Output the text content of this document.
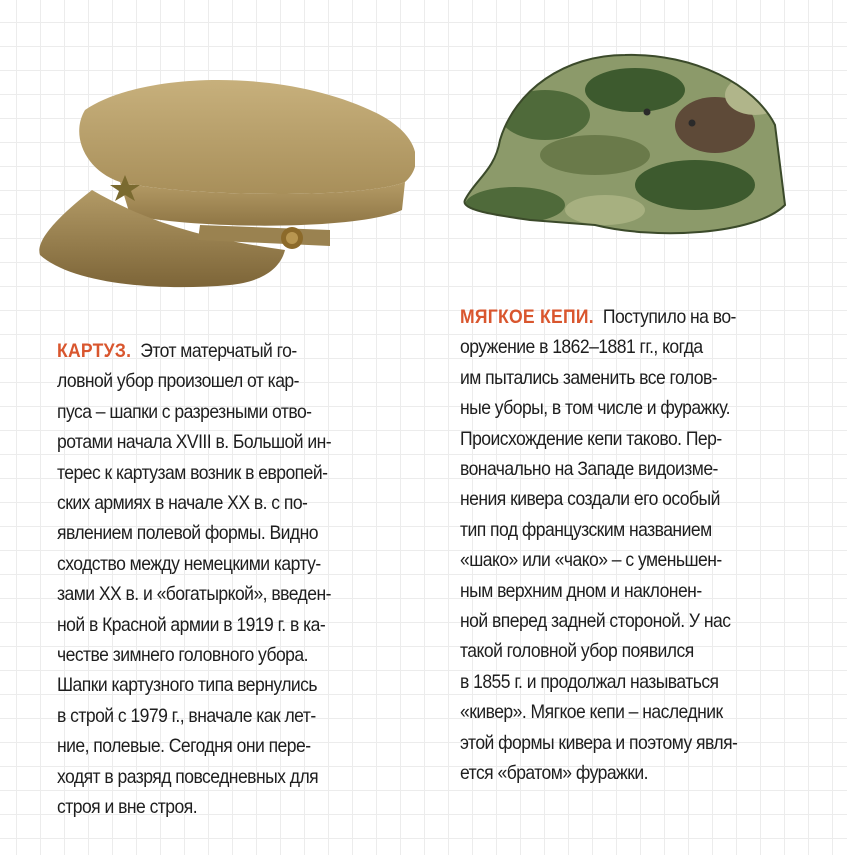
КАРТУЗ. Этот матерчатый го-
ловной убор произошел от кар-
пуса – шапки с разрезными отво-
ротами начала XVIII в. Большой ин-
терес к картузам возник в европей-
ских армиях в начале XX в. с по-
явлением полевой формы. Видно
сходство между немецкими карту-
зами XX в. и «богатыркой», введен-
ной в Красной армии в 1919 г. в ка-
честве зимнего головного убора.
Шапки картузного типа вернулись
в строй с 1979 г., вначале как лет-
ние, полевые. Сегодня они пере-
ходят в разряд повседневных для
строя и вне строя.
МЯГКОЕ КЕПИ. Поступило на во-
оружение в 1862–1881 гг., когда
им пытались заменить все голов-
ные уборы, в том числе и фуражку.
Происхождение кепи таково. Пер-
воначально на Западе видоизме-
нения кивера создали его особый
тип под французским названием
«шако» или «чако» – с уменьшен-
ным верхним дном и наклонен-
ной вперед задней стороной. У нас
такой головной убор появился
в 1855 г. и продолжал называться
«кивер». Мягкое кепи – наследник
этой формы кивера и поэтому явля-
ется «братом» фуражки.
